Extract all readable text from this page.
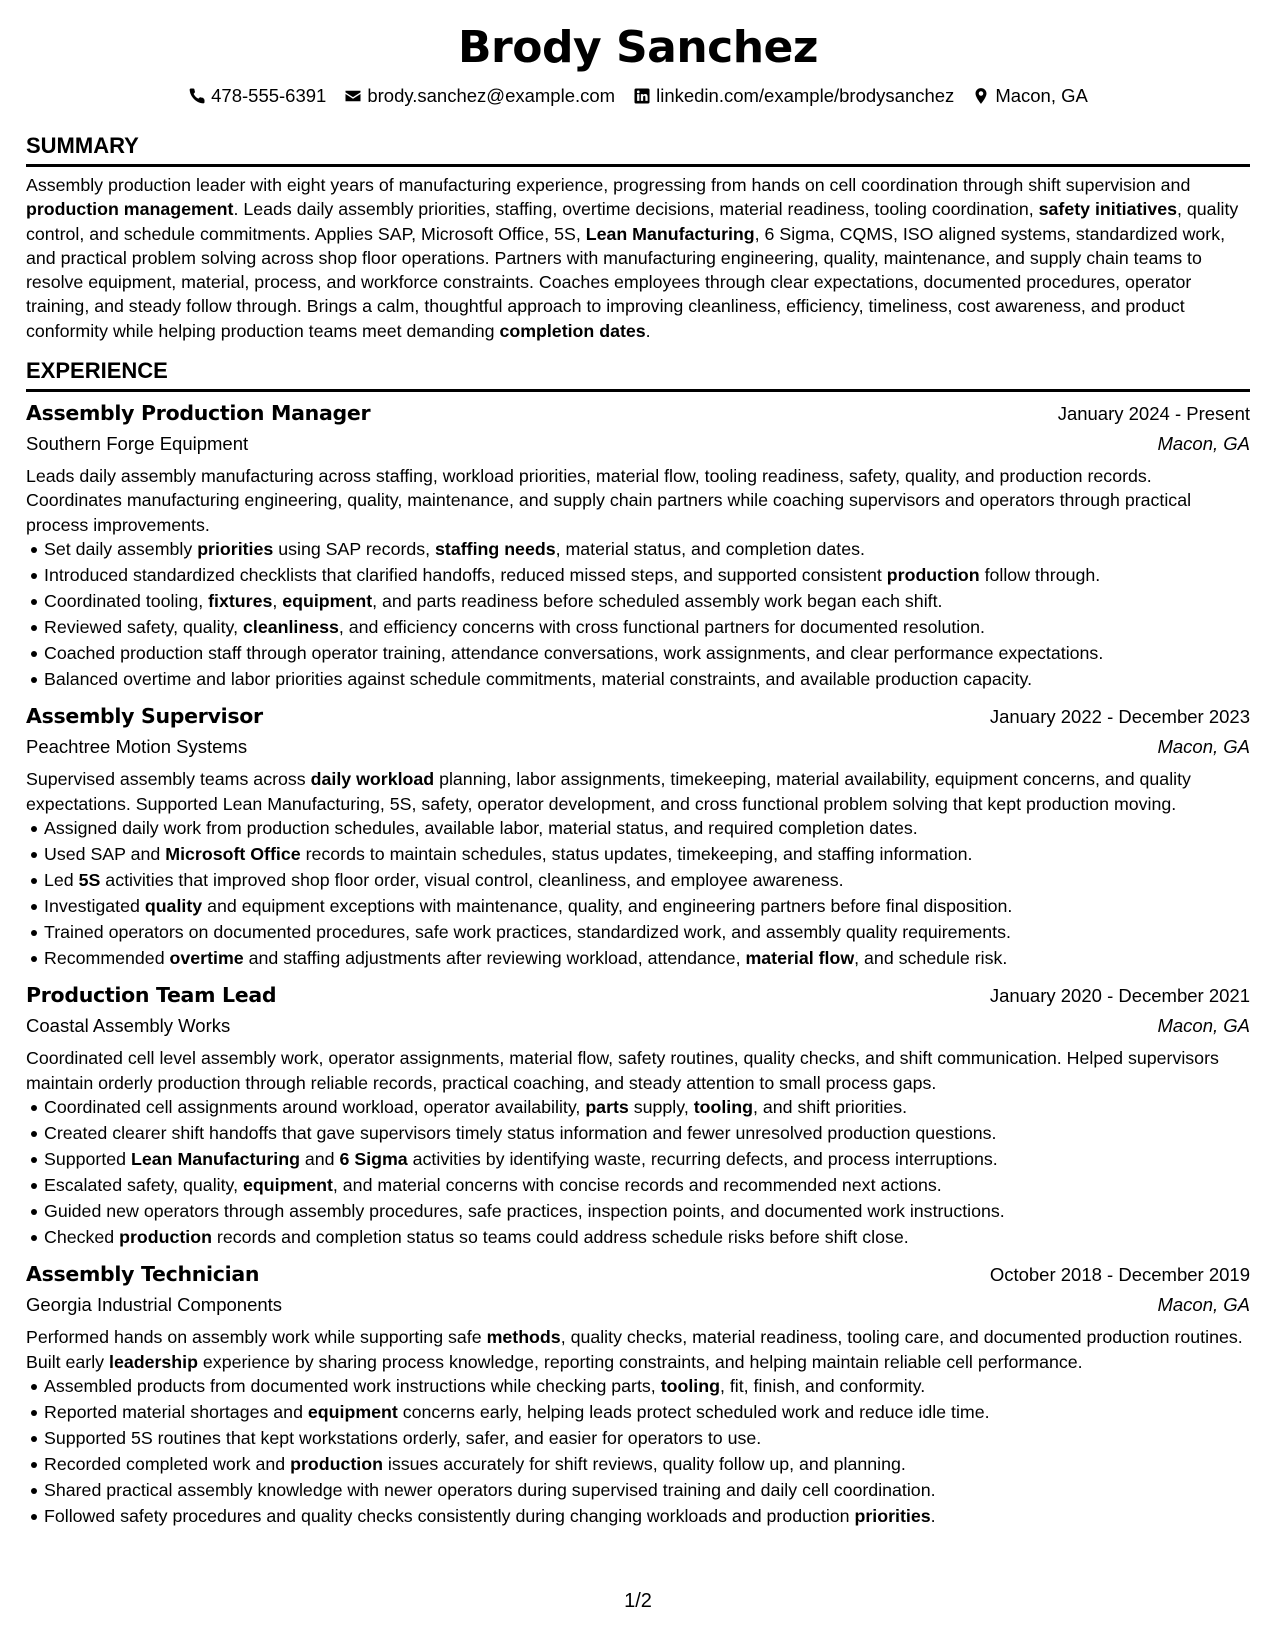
Brody Sanchez
478-555-6391 brody.sanchez@example.com linkedin.com/example/brodysanchez Macon, GA
SUMMARY

Assembly production leader with eight years of manufacturing experience, progressing from hands on cell coordination through shift supervision and production management. Leads daily assembly priorities, staffing, overtime decisions, material readiness, tooling coordination, safety initiatives, quality control, and schedule commitments. Applies SAP, Microsoft Office, 5S, Lean Manufacturing, 6 Sigma, CQMS, ISO aligned systems, standardized work, and practical problem solving across shop floor operations. Partners with manufacturing engineering, quality, maintenance, and supply chain teams to resolve equipment, material, process, and workforce constraints. Coaches employees through clear expectations, documented procedures, operator training, and steady follow through. Brings a calm, thoughtful approach to improving cleanliness, efficiency, timeliness, cost awareness, and product conformity while helping production teams meet demanding completion dates.

EXPERIENCE
Assembly Production Manager	January 2024 - Present
Southern Forge Equipment	Macon, GA

Leads daily assembly manufacturing across staffing, workload priorities, material flow, tooling readiness, safety, quality, and production records. Coordinates manufacturing engineering, quality, maintenance, and supply chain partners while coaching supervisors and operators through practical process improvements.

Set daily assembly priorities using SAP records, staffing needs, material status, and completion dates.
Introduced standardized checklists that clarified handoffs, reduced missed steps, and supported consistent production follow through.
Coordinated tooling, fixtures, equipment, and parts readiness before scheduled assembly work began each shift.
Reviewed safety, quality, cleanliness, and efficiency concerns with cross functional partners for documented resolution.
Coached production staff through operator training, attendance conversations, work assignments, and clear performance expectations.
Balanced overtime and labor priorities against schedule commitments, material constraints, and available production capacity.
Assembly Supervisor	January 2022 - December 2023
Peachtree Motion Systems	Macon, GA

Supervised assembly teams across daily workload planning, labor assignments, timekeeping, material availability, equipment concerns, and quality expectations. Supported Lean Manufacturing, 5S, safety, operator development, and cross functional problem solving that kept production moving.

Assigned daily work from production schedules, available labor, material status, and required completion dates.
Used SAP and Microsoft Office records to maintain schedules, status updates, timekeeping, and staffing information.
Led 5S activities that improved shop floor order, visual control, cleanliness, and employee awareness.
Investigated quality and equipment exceptions with maintenance, quality, and engineering partners before final disposition.
Trained operators on documented procedures, safe work practices, standardized work, and assembly quality requirements.
Recommended overtime and staffing adjustments after reviewing workload, attendance, material flow, and schedule risk.
Production Team Lead	January 2020 - December 2021
Coastal Assembly Works	Macon, GA

Coordinated cell level assembly work, operator assignments, material flow, safety routines, quality checks, and shift communication. Helped supervisors maintain orderly production through reliable records, practical coaching, and steady attention to small process gaps.

Coordinated cell assignments around workload, operator availability, parts supply, tooling, and shift priorities.
Created clearer shift handoffs that gave supervisors timely status information and fewer unresolved production questions.
Supported Lean Manufacturing and 6 Sigma activities by identifying waste, recurring defects, and process interruptions.
Escalated safety, quality, equipment, and material concerns with concise records and recommended next actions.
Guided new operators through assembly procedures, safe practices, inspection points, and documented work instructions.
Checked production records and completion status so teams could address schedule risks before shift close.
Assembly Technician	October 2018 - December 2019
Georgia Industrial Components	Macon, GA

Performed hands on assembly work while supporting safe methods, quality checks, material readiness, tooling care, and documented production routines. Built early leadership experience by sharing process knowledge, reporting constraints, and helping maintain reliable cell performance.

Assembled products from documented work instructions while checking parts, tooling, fit, finish, and conformity.
Reported material shortages and equipment concerns early, helping leads protect scheduled work and reduce idle time.
Supported 5S routines that kept workstations orderly, safer, and easier for operators to use.
Recorded completed work and production issues accurately for shift reviews, quality follow up, and planning.
Shared practical assembly knowledge with newer operators during supervised training and daily cell coordination.
Followed safety procedures and quality checks consistently during changing workloads and production priorities.
1/2
